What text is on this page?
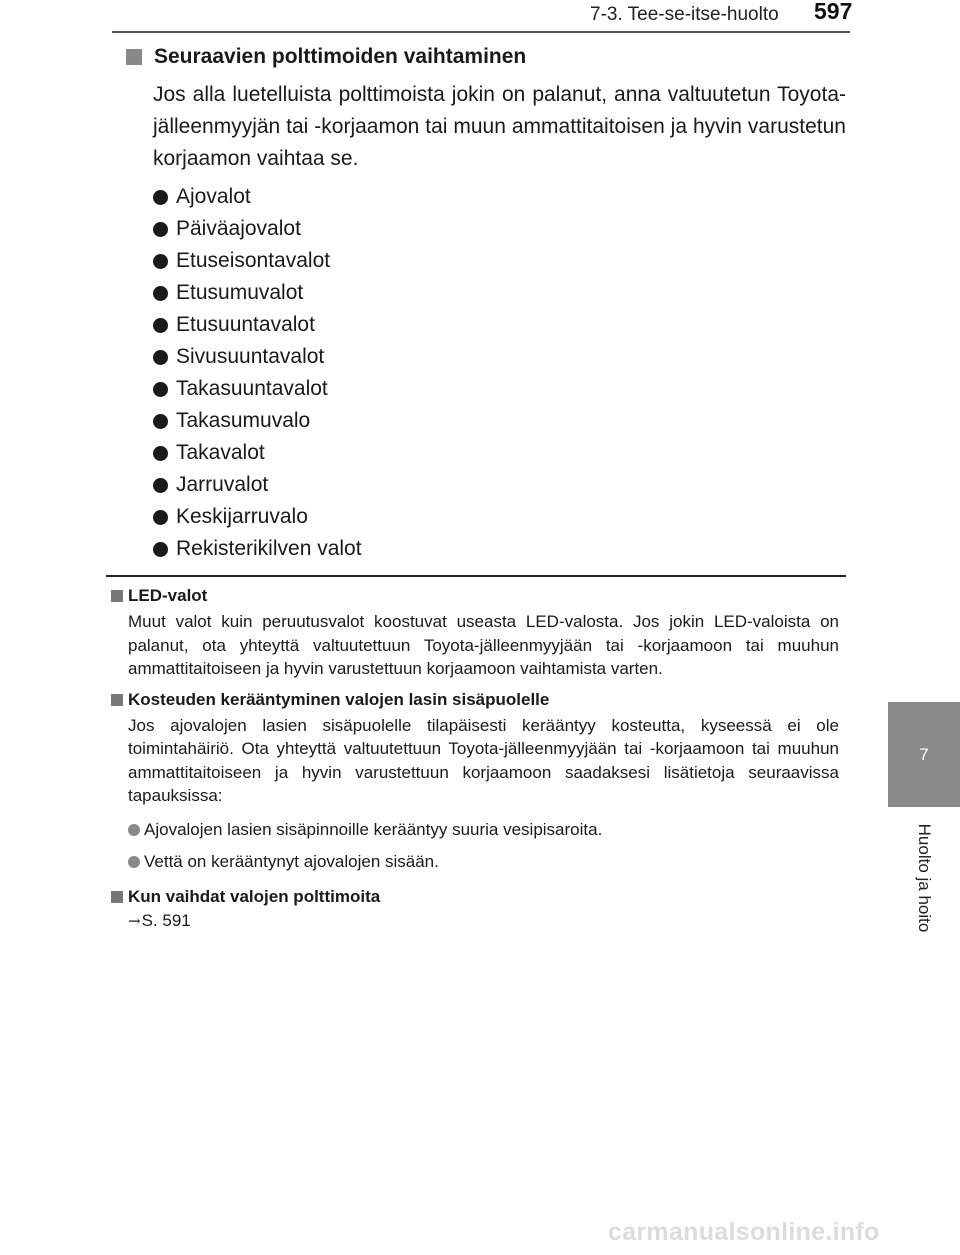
7-3. Tee-se-itse-huolto 597
7
Huolto ja hoito
Seuraavien polttimoiden vaihtaminen
Jos alla luetelluista polttimoista jokin on palanut, anna valtuutetun Toyota-jälleenmyyjän tai -korjaamon tai muun ammattitaitoisen ja hyvin varustetun korjaamon vaihtaa se.
Ajovalot
Päiväajovalot
Etuseisontavalot
Etusumuvalot
Etusuuntavalot
Sivusuuntavalot
Takasuuntavalot
Takasumuvalo
Takavalot
Jarruvalot
Keskijarruvalo
Rekisterikilven valot
LED-valot
Muut valot kuin peruutusvalot koostuvat useasta LED-valosta. Jos jokin LED-valoista on palanut, ota yhteyttä valtuutettuun Toyota-jälleenmyyjään tai -korjaamoon tai muuhun ammattitaitoiseen ja hyvin varustettuun korjaamoon vaihtamista varten.
Kosteuden kerääntyminen valojen lasin sisäpuolelle
Jos ajovalojen lasien sisäpuolelle tilapäisesti kerääntyy kosteutta, kyseessä ei ole toimintahäiriö. Ota yhteyttä valtuutettuun Toyota-jälleenmyyjään tai -korjaamoon tai muuhun ammattitaitoiseen ja hyvin varustettuun korjaamoon saadaksesi lisätietoja seuraavissa tapauksissa:
Ajovalojen lasien sisäpinnoille kerääntyy suuria vesipisaroita.
Vettä on kerääntynyt ajovalojen sisään.
Kun vaihdat valojen polttimoita
→ S. 591
carmanualsonline.info
